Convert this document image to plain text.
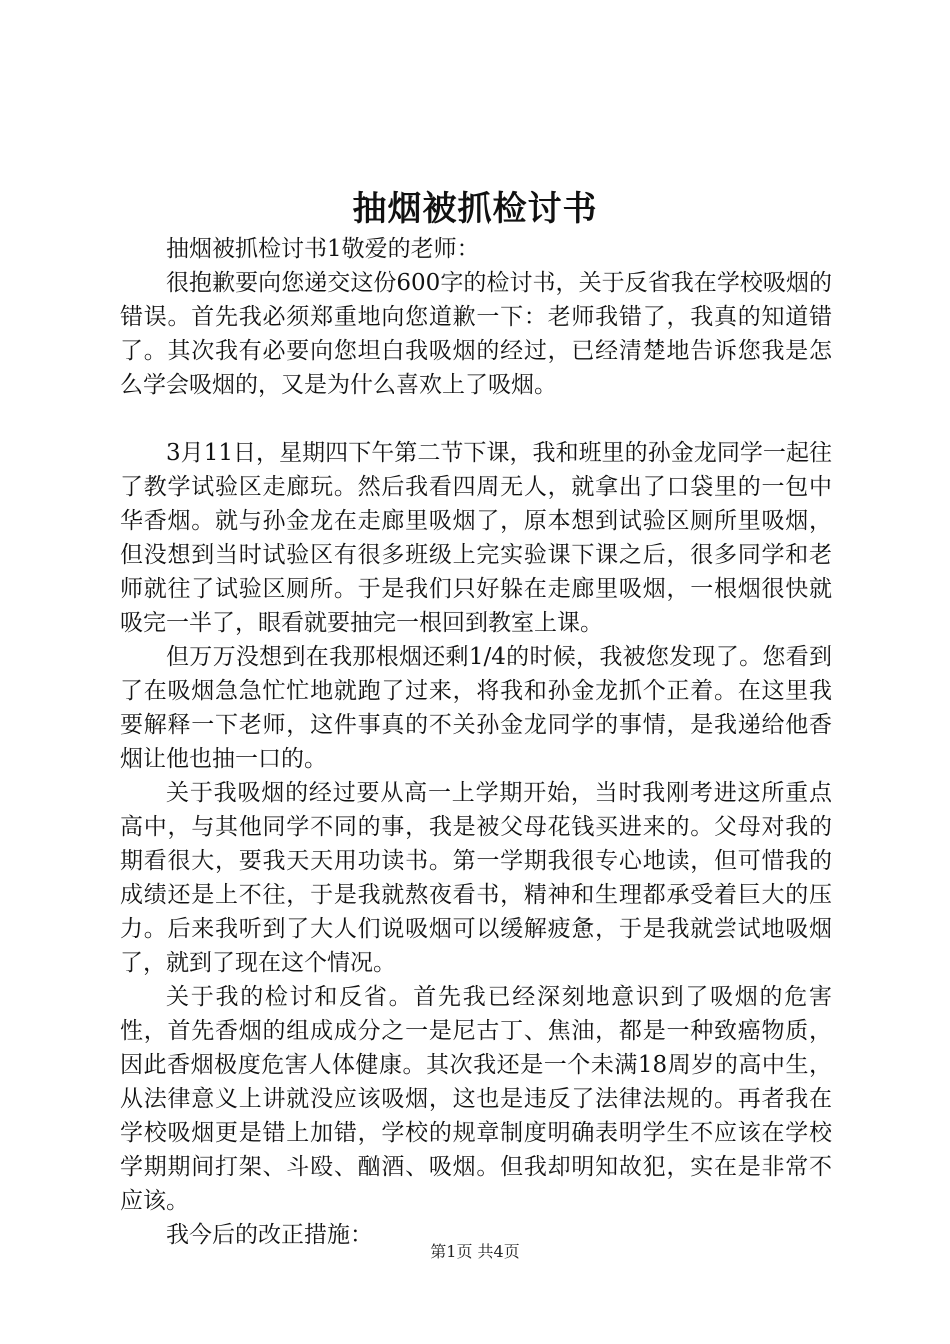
抽烟被抓检讨书

抽烟被抓检讨书1敬爱的老师：

很抱歉要向您递交这份600字的检讨书，关于反省我在学校吸烟的错误。首先我必须郑重地向您道歉一下：老师我错了，我真的知道错了。其次我有必要向您坦白我吸烟的经过，已经清楚地告诉您我是怎么学会吸烟的，又是为什么喜欢上了吸烟。

3月11日，星期四下午第二节下课，我和班里的孙金龙同学一起往了教学试验区走廊玩。然后我看四周无人，就拿出了口袋里的一包中华香烟。就与孙金龙在走廊里吸烟了，原本想到试验区厕所里吸烟，但没想到当时试验区有很多班级上完实验课下课之后，很多同学和老师就往了试验区厕所。于是我们只好躲在走廊里吸烟，一根烟很快就吸完一半了，眼看就要抽完一根回到教室上课。

但万万没想到在我那根烟还剩1/4的时候，我被您发现了。您看到了在吸烟急急忙忙地就跑了过来，将我和孙金龙抓个正着。在这里我要解释一下老师，这件事真的不关孙金龙同学的事情，是我递给他香烟让他也抽一口的。

关于我吸烟的经过要从高一上学期开始，当时我刚考进这所重点高中，与其他同学不同的事，我是被父母花钱买进来的。父母对我的期看很大，要我天天用功读书。第一学期我很专心地读，但可惜我的成绩还是上不往，于是我就熬夜看书，精神和生理都承受着巨大的压力。后来我听到了大人们说吸烟可以缓解疲惫，于是我就尝试地吸烟了，就到了现在这个情况。

关于我的检讨和反省。首先我已经深刻地意识到了吸烟的危害性，首先香烟的组成成分之一是尼古丁、焦油，都是一种致癌物质，因此香烟极度危害人体健康。其次我还是一个未满18周岁的高中生，从法律意义上讲就没应该吸烟，这也是违反了法律法规的。再者我在学校吸烟更是错上加错，学校的规章制度明确表明学生不应该在学校学期期间打架、斗殴、酗酒、吸烟。但我却明知故犯，实在是非常不应该。

我今后的改正措施：

第1页 共4页
